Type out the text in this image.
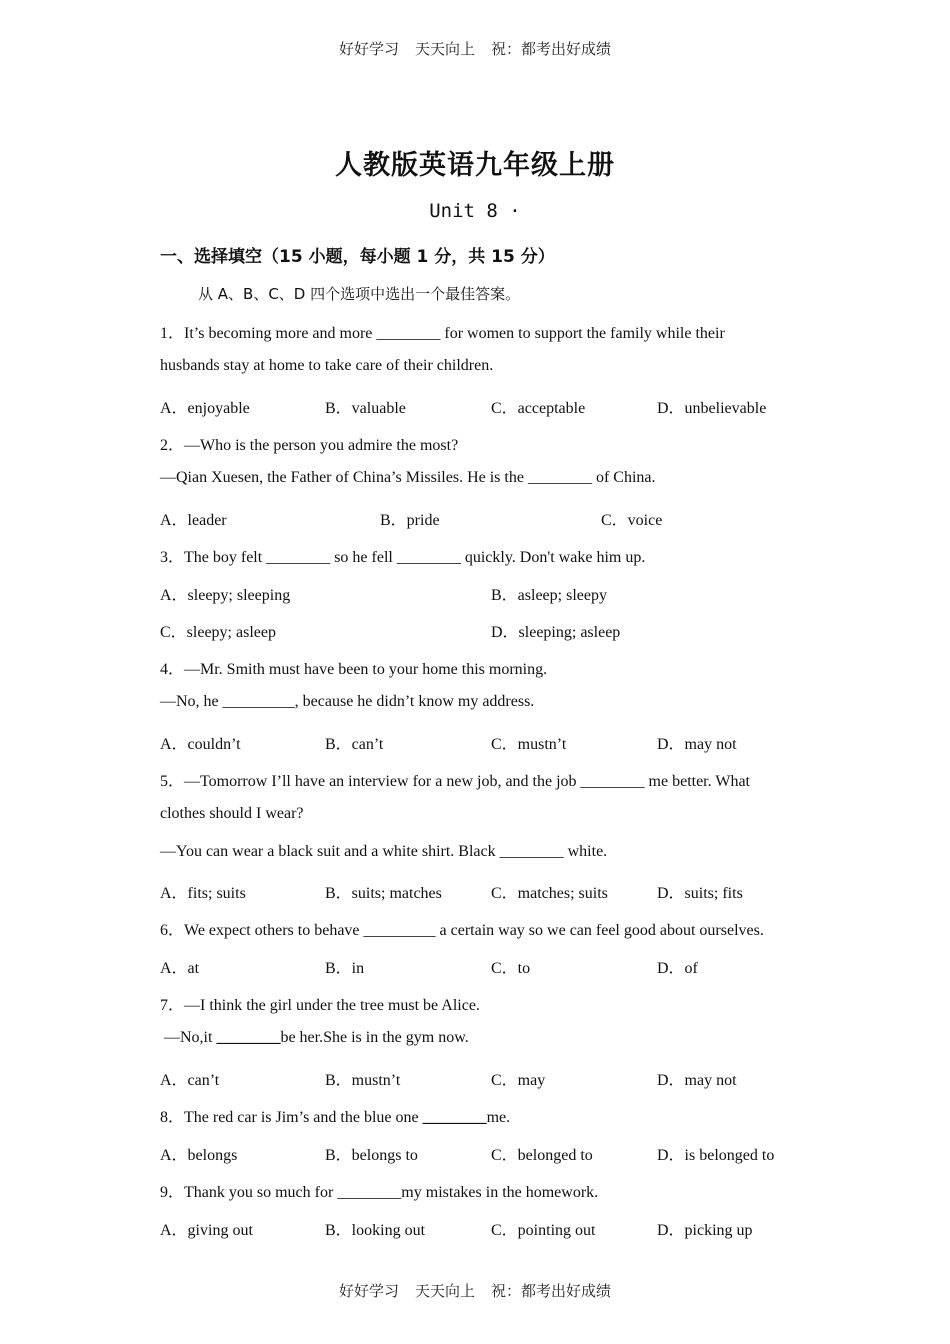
好好学习 天天向上 祝：都考出好成绩
人教版英语九年级上册
Unit 8 ·
一、选择填空（15 小题，每小题 1 分，共 15 分）
从 A、B、C、D 四个选项中选出一个最佳答案。
1．It’s becoming more and more ________ for women to support the family while their
husbands stay at home to take care of their children.
A．enjoyable	B．valuable	C．acceptable	D．unbelievable
2．—Who is the person you admire the most?
—Qian Xuesen, the Father of China’s Missiles. He is the ________ of China.
A．leader	B．pride	C．voice
3．The boy felt ________ so he fell ________ quickly. Don't wake him up.
A．sleepy; sleeping	B．asleep; sleepy
C．sleepy; asleep	D．sleeping; asleep
4．—Mr. Smith must have been to your home this morning.
—No, he _________, because he didn’t know my address.
A．couldn’t	B．can’t	C．mustn’t	D．may not
5．—Tomorrow I’ll have an interview for a new job, and the job ________ me better. What
clothes should I wear?
—You can wear a black suit and a white shirt. Black ________ white.
A．fits; suits	B．suits; matches	C．matches; suits	D．suits; fits
6．We expect others to behave _________ a certain way so we can feel good about ourselves.
A．at	B．in	C．to	D．of
7．—I think the girl under the tree must be Alice.
—No,it ________be her.She is in the gym now.
A．can’t	B．mustn’t	C．may	D．may not
8．The red car is Jim’s and the blue one ________me.
A．belongs	B．belongs to	C．belonged to	D．is belonged to
9．Thank you so much for ________my mistakes in the homework.
A．giving out	B．looking out	C．pointing out	D．picking up
好好学习 天天向上 祝：都考出好成绩
